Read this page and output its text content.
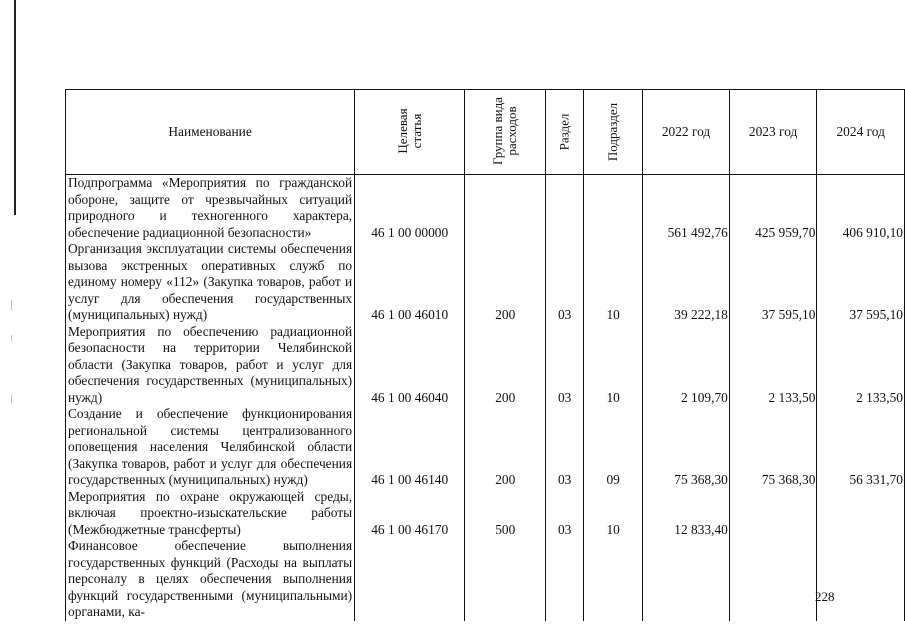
Наименование	Целевая статья	Группа вида расходов	Раздел	Подраздел	2022 год	2023 год	2024 год
Подпрограмма «Мероприятия по гражданской обороне, защите от чрезвычайных ситуаций природного и техногенного характера, обеспечение радиационной безопасности»	46 1 00 00000				561 492,76	425 959,70	406 910,10
Организация эксплуатации системы обеспечения вызова экстренных оперативных служб по единому номеру «112» (Закупка товаров, работ и услуг для обеспечения государственных (муниципальных) нужд)	46 1 00 46010	200	03	10	39 222,18	37 595,10	37 595,10
Мероприятия по обеспечению радиационной безопасности на территории Челябинской области (Закупка товаров, работ и услуг для обеспечения государственных (муниципальных) нужд)	46 1 00 46040	200	03	10	2 109,70	2 133,50	2 133,50
Создание и обеспечение функционирования региональной системы централизованного оповещения населения Челябинской области (Закупка товаров, работ и услуг для обеспечения государственных (муниципальных) нужд)	46 1 00 46140	200	03	09	75 368,30	75 368,30	56 331,70
Мероприятия по охране окружающей среды, включая проектно-изыскательские работы (Межбюджетные трансферты)	46 1 00 46170	500	03	10	12 833,40		
Финансовое обеспечение выполнения государственных функций (Расходы на выплаты персоналу в целях обеспечения выполнения функций государственными (муниципальными) органами, ка-							
228
